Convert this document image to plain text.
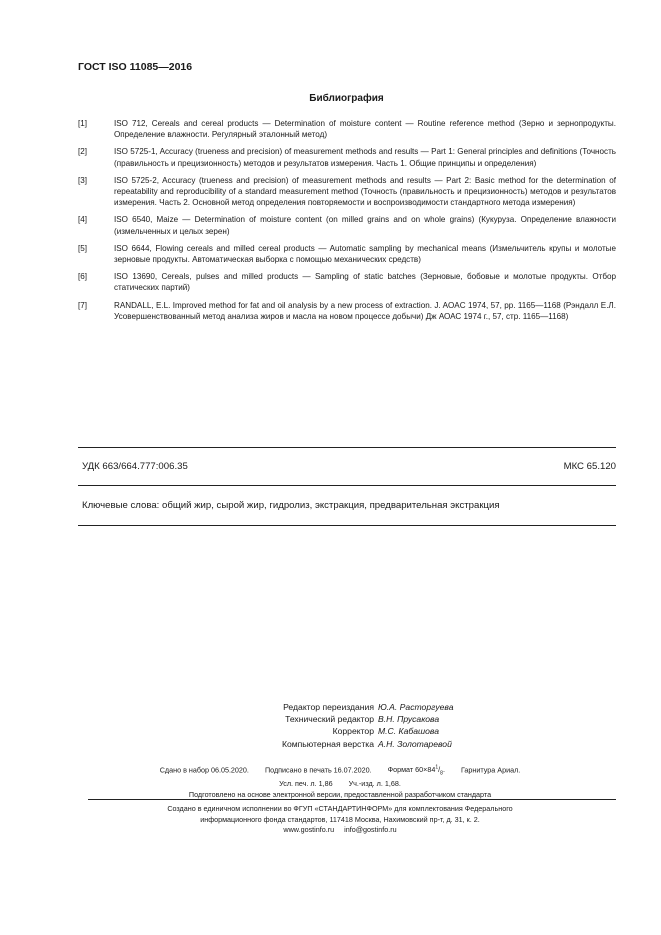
ГОСТ ISO 11085—2016
Библиография
[1]	ISO 712, Cereals and cereal products — Determination of moisture content — Routine reference method (Зерно и зернопродукты. Определение влажности. Регулярный эталонный метод)
[2]	ISO 5725-1, Accuracy (trueness and precision) of measurement methods and results — Part 1: General principles and definitions (Точность (правильность и прецизионность) методов и результатов измерения. Часть 1. Общие принципы и определения)
[3]	ISO 5725-2, Accuracy (trueness and precision) of measurement methods and results — Part 2: Basic method for the determination of repeatability and reproducibility of a standard measurement method (Точность (правильность и прецизионность) методов и результатов измерения. Часть 2. Основной метод определения повторяемости и воспроизводимости стандартного метода измерения)
[4]	ISO 6540, Maize — Determination of moisture content (on milled grains and on whole grains) (Кукуруза. Определение влажности (измельченных и целых зерен)
[5]	ISO 6644, Flowing cereals and milled cereal products — Automatic sampling by mechanical means (Измельчитель крупы и молотые зерновые продукты. Автоматическая выборка с помощью механических средств)
[6]	ISO 13690, Cereals, pulses and milled products — Sampling of static batches (Зерновые, бобовые и молотые продукты. Отбор статических партий)
[7]	RANDALL, E.L. Improved method for fat and oil analysis by a new process of extraction. J. AOAC 1974, 57, pp. 1165—1168 (Рэндалл Е.Л. Усовершенствованный метод анализа жиров и масла на новом процессе добычи) Дж АОАС 1974 г., 57, стр. 1165—1168)
УДК 663/664.777:006.35	МКС 65.120
Ключевые слова: общий жир, сырой жир, гидролиз, экстракция, предварительная экстракция
Редактор переиздания Ю.А. Расторгуева
Технический редактор В.Н. Прусакова
Корректор М.С. Кабашова
Компьютерная верстка А.Н. Золотаревой
Сдано в набор 06.05.2020. Подписано в печать 16.07.2020. Формат $60\times 84^1/_8$. Гарнитура Ариал.
Усл. печ. л. 1,86 Уч.-изд. л. 1,68.
Подготовлено на основе электронной версии, предоставленной разработчиком стандарта
Создано в единичном исполнении во ФГУП «СТАНДАРТИНФОРМ» для комплектования Федерального
информационного фонда стандартов, 117418 Москва, Нахимовский пр-т, д. 31, к. 2.
www.gostinfo.ru info@gostinfo.ru
